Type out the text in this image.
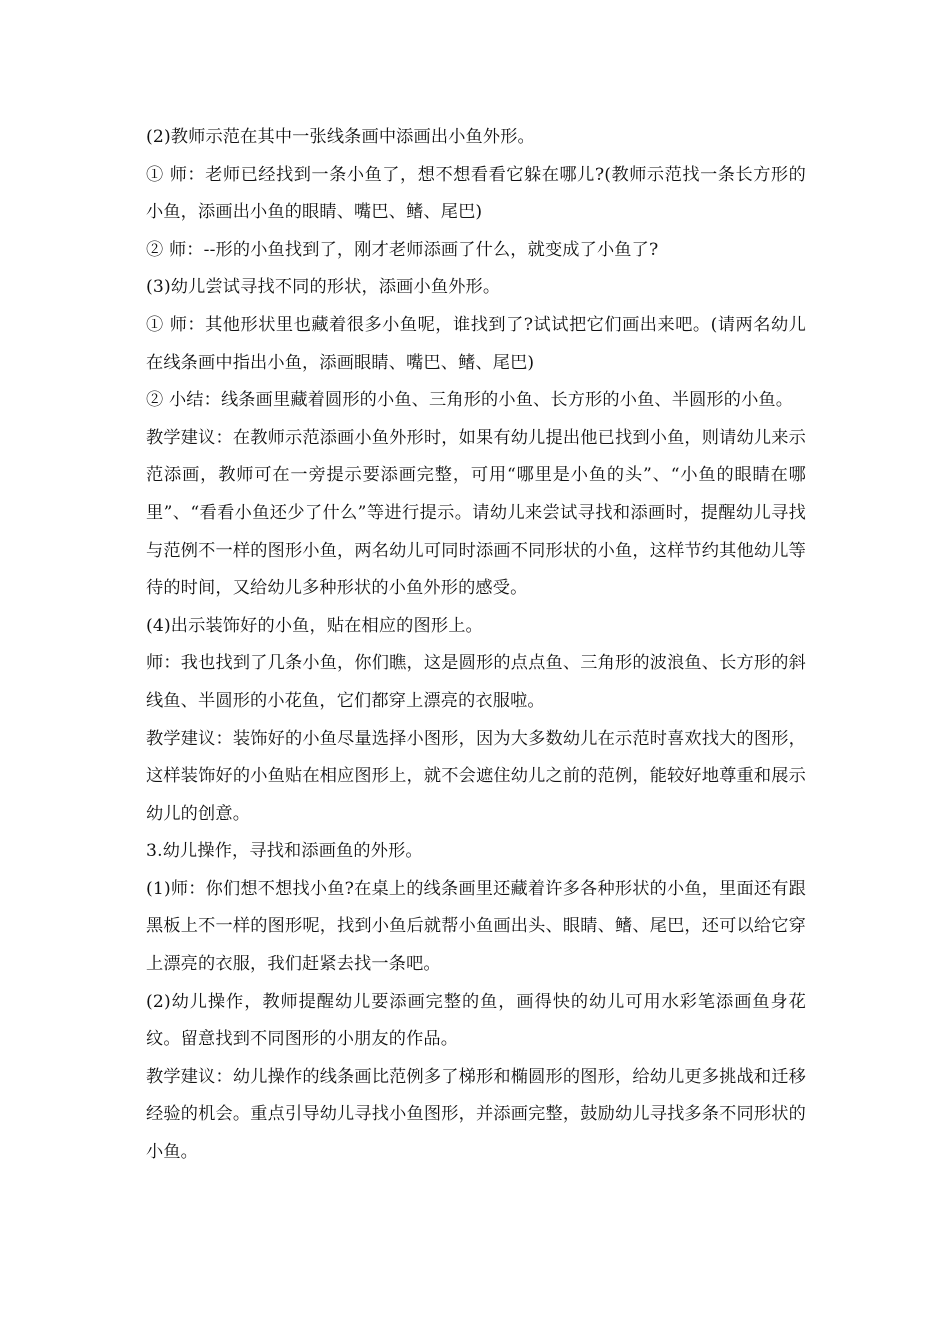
(2)教师示范在其中一张线条画中添画出小鱼外形。

① 师：老师已经找到一条小鱼了，想不想看看它躲在哪儿?(教师示范找一条长方形的小鱼，添画出小鱼的眼睛、嘴巴、鳍、尾巴)

② 师：--形的小鱼找到了，刚才老师添画了什么，就变成了小鱼了?

(3)幼儿尝试寻找不同的形状，添画小鱼外形。

① 师：其他形状里也藏着很多小鱼呢，谁找到了?试试把它们画出来吧。(请两名幼儿在线条画中指出小鱼，添画眼睛、嘴巴、鳍、尾巴)

② 小结：线条画里藏着圆形的小鱼、三角形的小鱼、长方形的小鱼、半圆形的小鱼。

教学建议：在教师示范添画小鱼外形时，如果有幼儿提出他已找到小鱼，则请幼儿来示范添画，教师可在一旁提示要添画完整，可用“哪里是小鱼的头”、“小鱼的眼睛在哪里”、“看看小鱼还少了什么”等进行提示。请幼儿来尝试寻找和添画时，提醒幼儿寻找与范例不一样的图形小鱼，两名幼儿可同时添画不同形状的小鱼，这样节约其他幼儿等待的时间，又给幼儿多种形状的小鱼外形的感受。

(4)出示装饰好的小鱼，贴在相应的图形上。

师：我也找到了几条小鱼，你们瞧，这是圆形的点点鱼、三角形的波浪鱼、长方形的斜线鱼、半圆形的小花鱼，它们都穿上漂亮的衣服啦。

教学建议：装饰好的小鱼尽量选择小图形，因为大多数幼儿在示范时喜欢找大的图形，这样装饰好的小鱼贴在相应图形上，就不会遮住幼儿之前的范例，能较好地尊重和展示幼儿的创意。

3.幼儿操作，寻找和添画鱼的外形。

(1)师：你们想不想找小鱼?在桌上的线条画里还藏着许多各种形状的小鱼，里面还有跟黑板上不一样的图形呢，找到小鱼后就帮小鱼画出头、眼睛、鳍、尾巴，还可以给它穿上漂亮的衣服，我们赶紧去找一条吧。

(2)幼儿操作，教师提醒幼儿要添画完整的鱼，画得快的幼儿可用水彩笔添画鱼身花纹。留意找到不同图形的小朋友的作品。

教学建议：幼儿操作的线条画比范例多了梯形和椭圆形的图形，给幼儿更多挑战和迁移经验的机会。重点引导幼儿寻找小鱼图形，并添画完整，鼓励幼儿寻找多条不同形状的小鱼。
